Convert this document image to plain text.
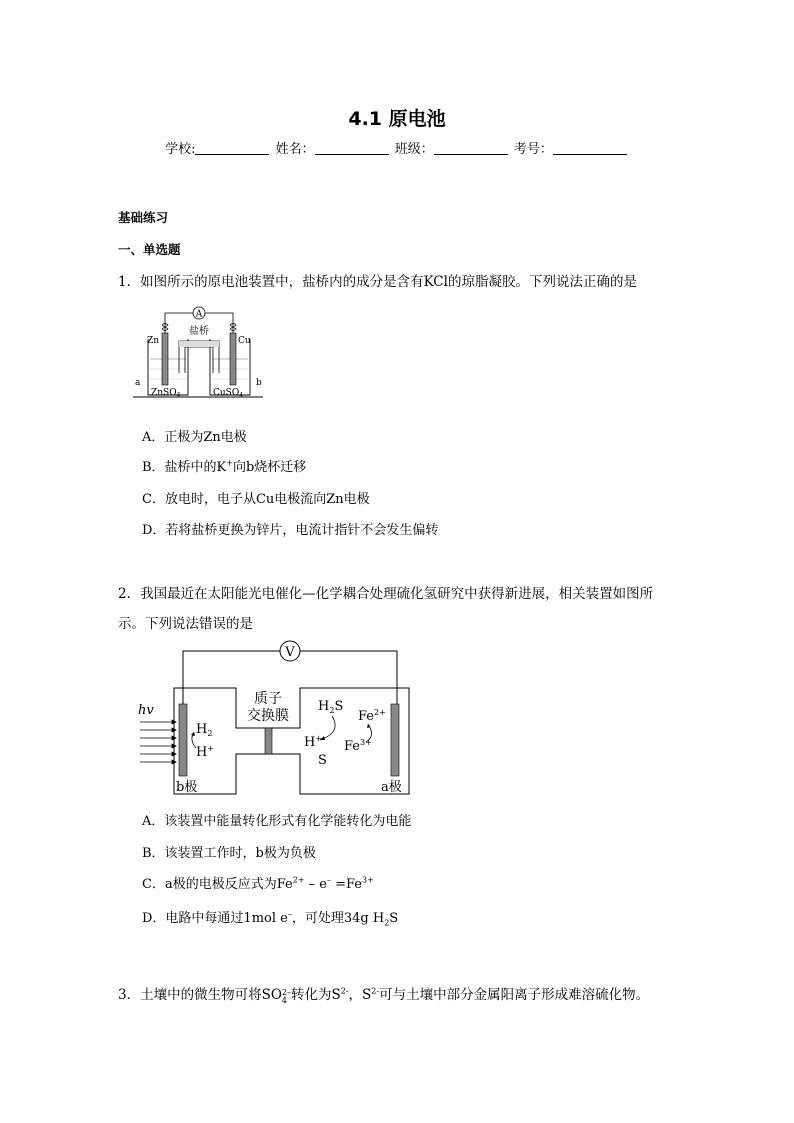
4.1 原电池
学校:	姓名：	班级：	考号：
基础练习
一、单选题
1．如图所示的原电池装置中，盐桥内的成分是含有KCl的琼脂凝胶。下列说法正确的是
A
盐桥
Zn	Cu
a	b
ZnSO$_4$	CuSO$_4$
A．正极为Zn电极
B．盐桥中的K+向b烧杯迁移
C．放电时，电子从Cu电极流向Zn电极
D．若将盐桥更换为锌片，电流计指针不会发生偏转
2．我国最近在太阳能光电催化—化学耦合处理硫化氢研究中获得新进展，相关装置如图所
示。下列说法错误的是
V
hv
质子
交换膜
$H_2$
H+
b极	a极
$H_2S$
$Fe^{2+}$
$Fe^{3+}$
H+
S
A．该装置中能量转化形式有化学能转化为电能
B．该装置工作时，b极为负极
C．a极的电极反应式为$Fe^{2+} - e^- =Fe^{3+}$
D．电路中每通过1mol e–，可处理34g $H_2S$
3．土壤中的微生物可将SO 2–
4 转化为$S^{2-}$，$S^{2-}$可与土壤中部分金属阳离子形成难溶硫化物。
